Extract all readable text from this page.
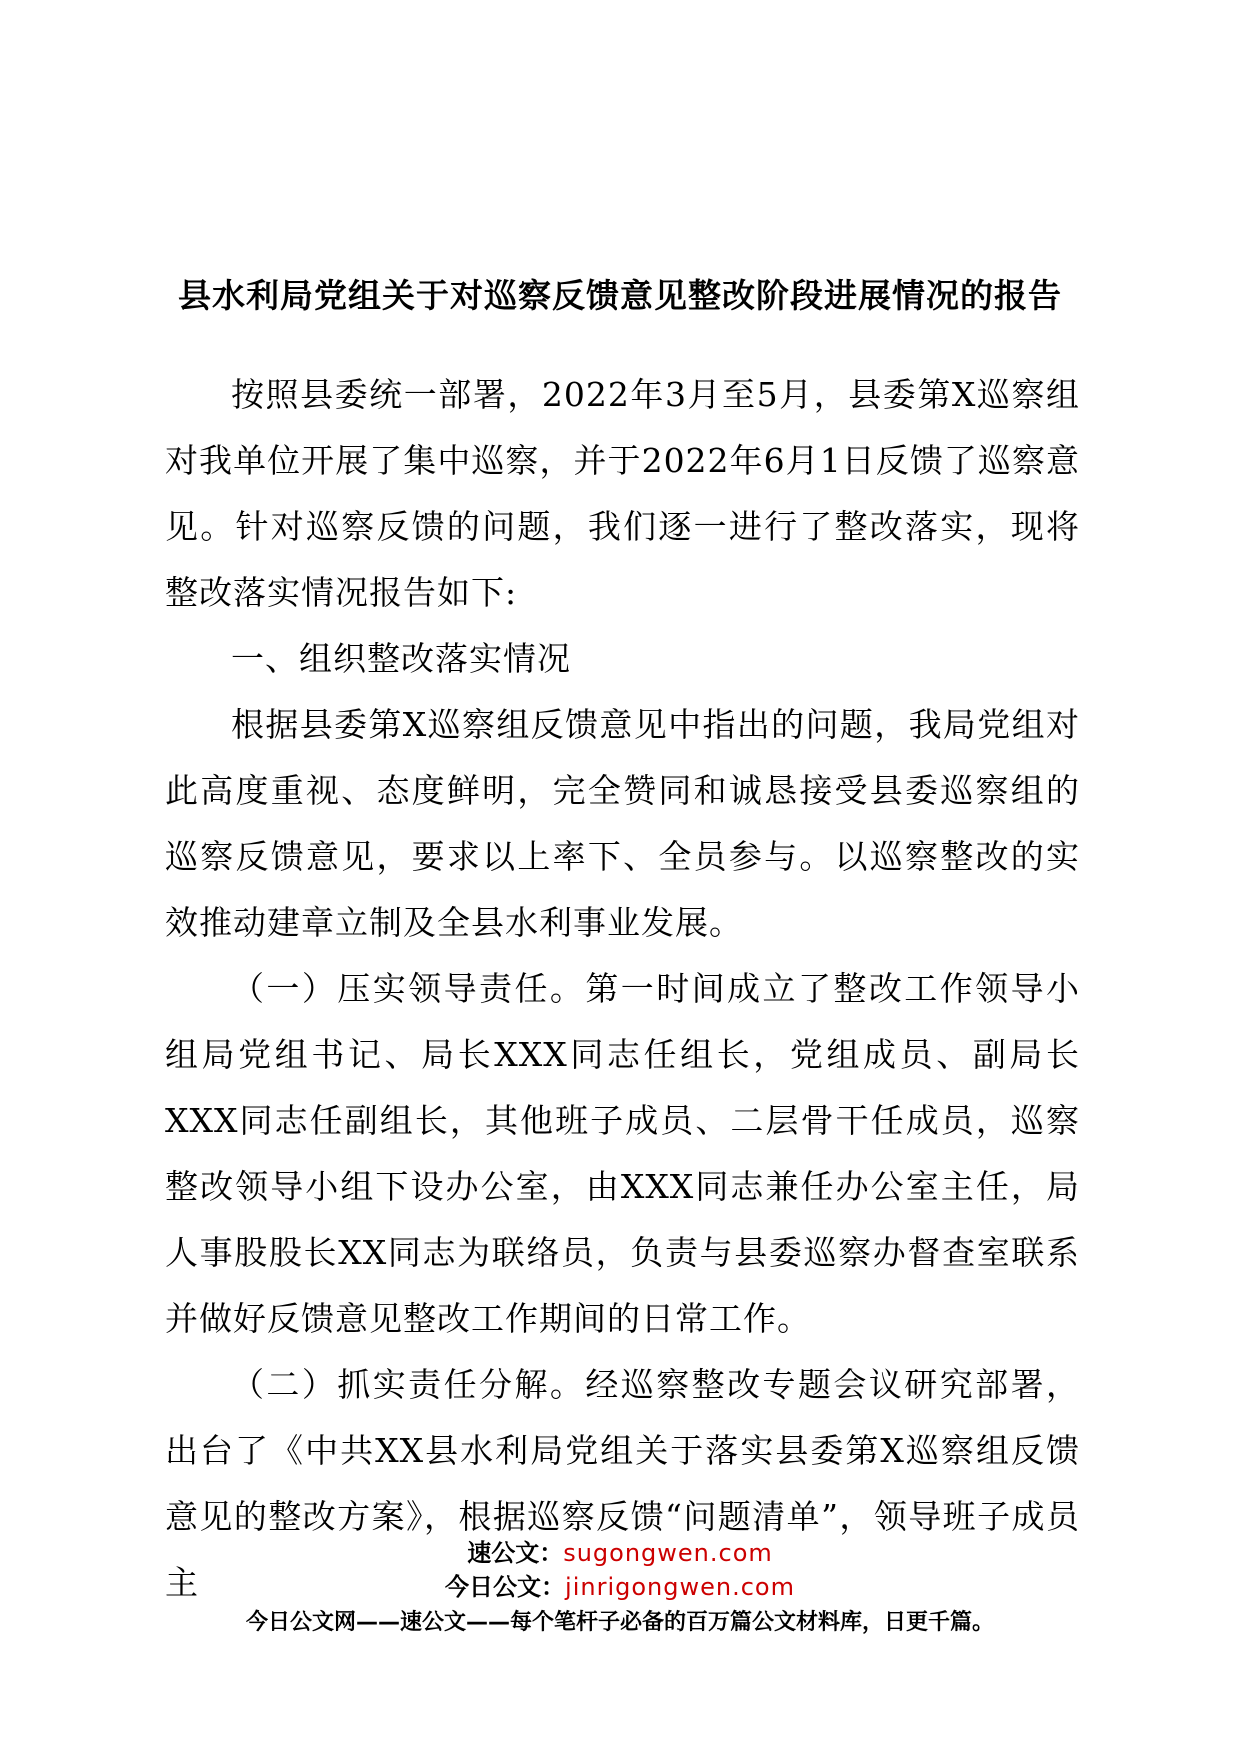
县水利局党组关于对巡察反馈意见整改阶段进展情况的报告

按照县委统一部署，2022年3月至5月，县委第X巡察组对我单位开展了集中巡察，并于2022年6月1日反馈了巡察意见。针对巡察反馈的问题，我们逐一进行了整改落实，现将整改落实情况报告如下:

一、组织整改落实情况

根据县委第X巡察组反馈意见中指出的问题，我局党组对此高度重视、态度鲜明，完全赞同和诚恳接受县委巡察组的巡察反馈意见，要求以上率下、全员参与。以巡察整改的实效推动建章立制及全县水利事业发展。

（一）压实领导责任。第一时间成立了整改工作领导小组局党组书记、局长XXX同志任组长，党组成员、副局长XXX同志任副组长，其他班子成员、二层骨干任成员，巡察整改领导小组下设办公室，由XXX同志兼任办公室主任，局人事股股长XX同志为联络员，负责与县委巡察办督查室联系并做好反馈意见整改工作期间的日常工作。

（二）抓实责任分解。经巡察整改专题会议研究部署，出台了《中共XX县水利局党组关于落实县委第X巡察组反馈意见的整改方案》，根据巡察反馈“问题清单”，领导班子成员主

速公文：sugongwen.com
今日公文：jinrigongwen.com
今日公文网——速公文——每个笔杆子必备的百万篇公文材料库，日更千篇。
